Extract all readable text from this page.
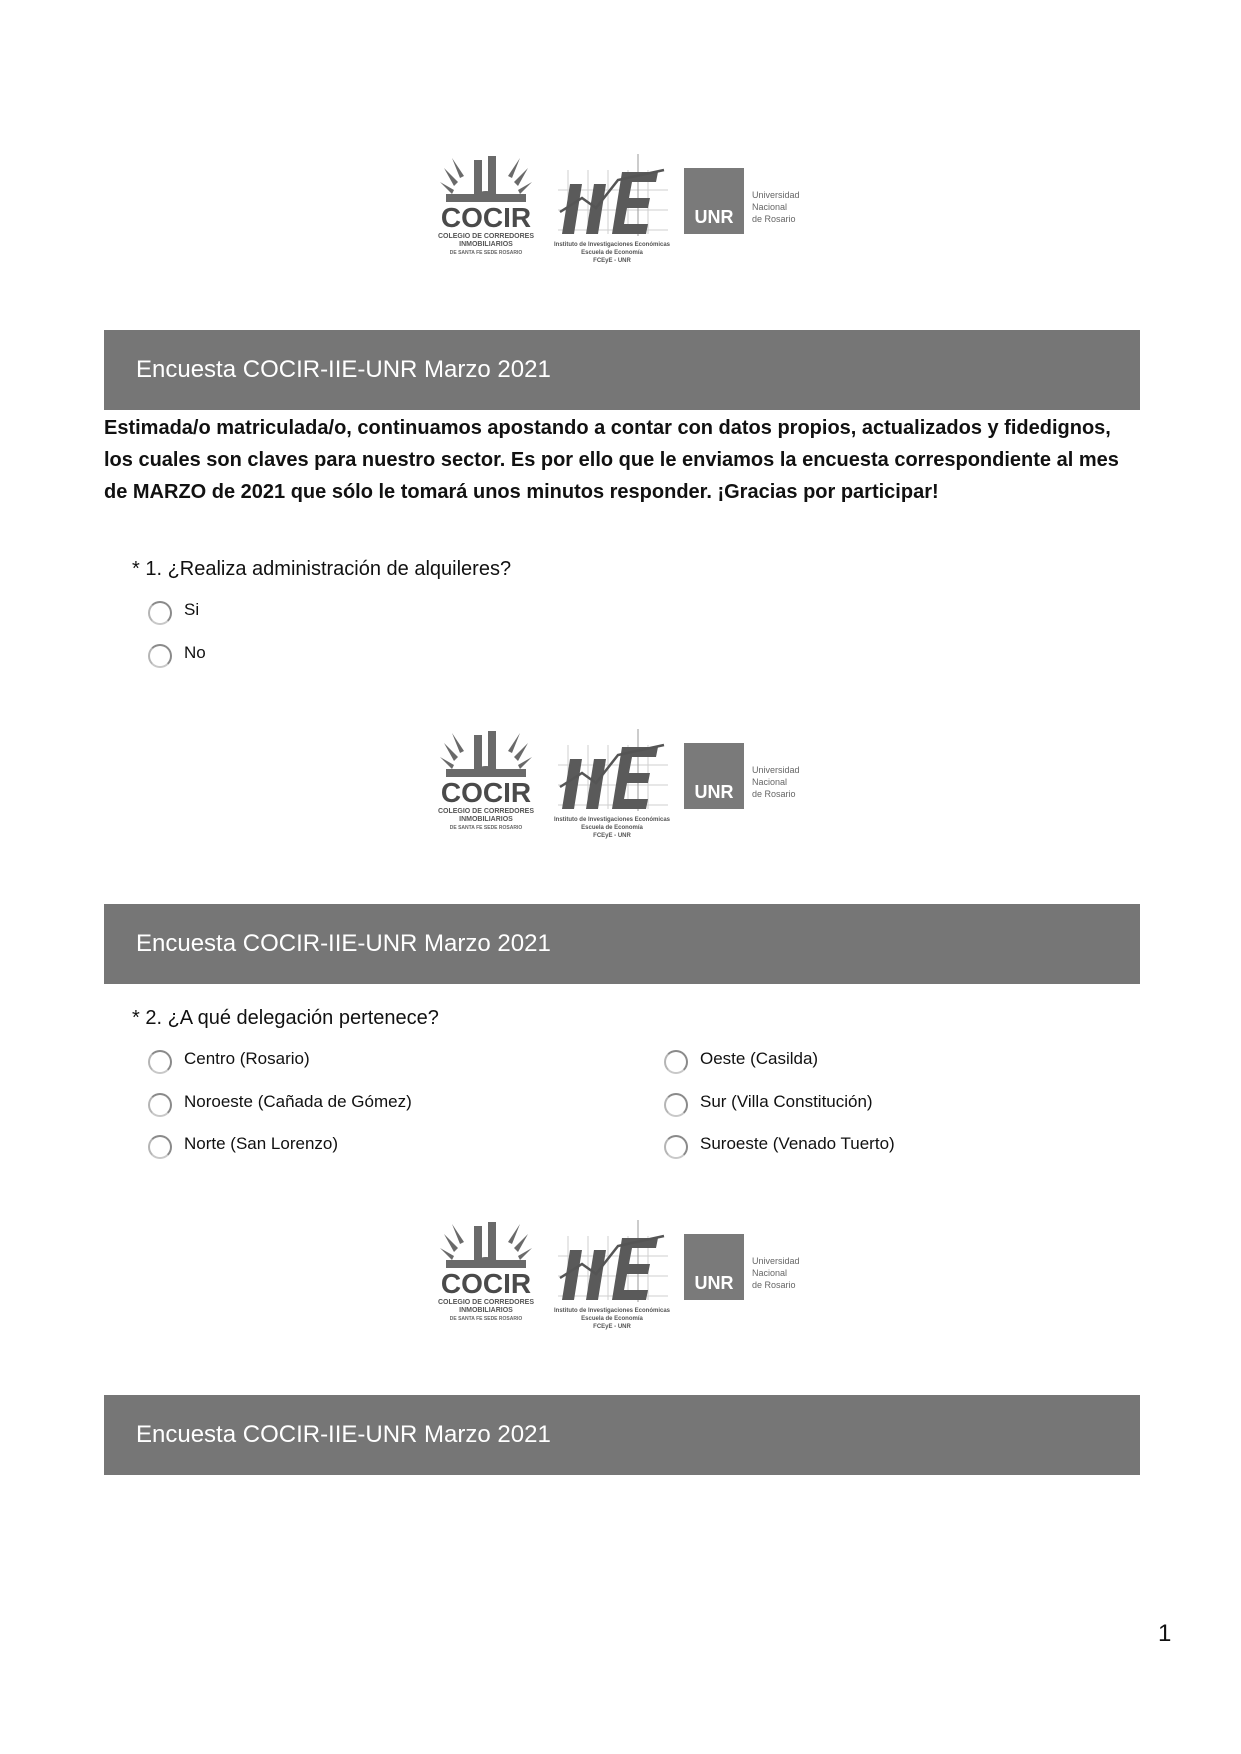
COCIR
COLEGIO DE CORREDORES
INMOBILIARIOS
DE SANTA FE SEDE ROSARIO
Instituto de Investigaciones Económicas
Escuela de Economía
FCEyE - UNR
UNR
Universidad
Nacional
de Rosario
Encuesta COCIR-IIE-UNR Marzo 2021
Estimada/o matriculada/o, continuamos apostando a contar con datos propios, actualizados y fidedignos, los cuales son claves para nuestro sector. Es por ello que le enviamos la encuesta correspondiente al mes de MARZO de 2021 que sólo le tomará unos minutos responder. ¡Gracias por participar!
* 1. ¿Realiza administración de alquileres?
Si
No
COCIR
COLEGIO DE CORREDORES
INMOBILIARIOS
DE SANTA FE SEDE ROSARIO
Instituto de Investigaciones Económicas
Escuela de Economía
FCEyE - UNR
UNR
Universidad
Nacional
de Rosario
Encuesta COCIR-IIE-UNR Marzo 2021
* 2. ¿A qué delegación pertenece?
Centro (Rosario)
Noroeste (Cañada de Gómez)
Norte (San Lorenzo)
Oeste (Casilda)
Sur (Villa Constitución)
Suroeste (Venado Tuerto)
COCIR
COLEGIO DE CORREDORES
INMOBILIARIOS
DE SANTA FE SEDE ROSARIO
Instituto de Investigaciones Económicas
Escuela de Economía
FCEyE - UNR
UNR
Universidad
Nacional
de Rosario
Encuesta COCIR-IIE-UNR Marzo 2021
1
